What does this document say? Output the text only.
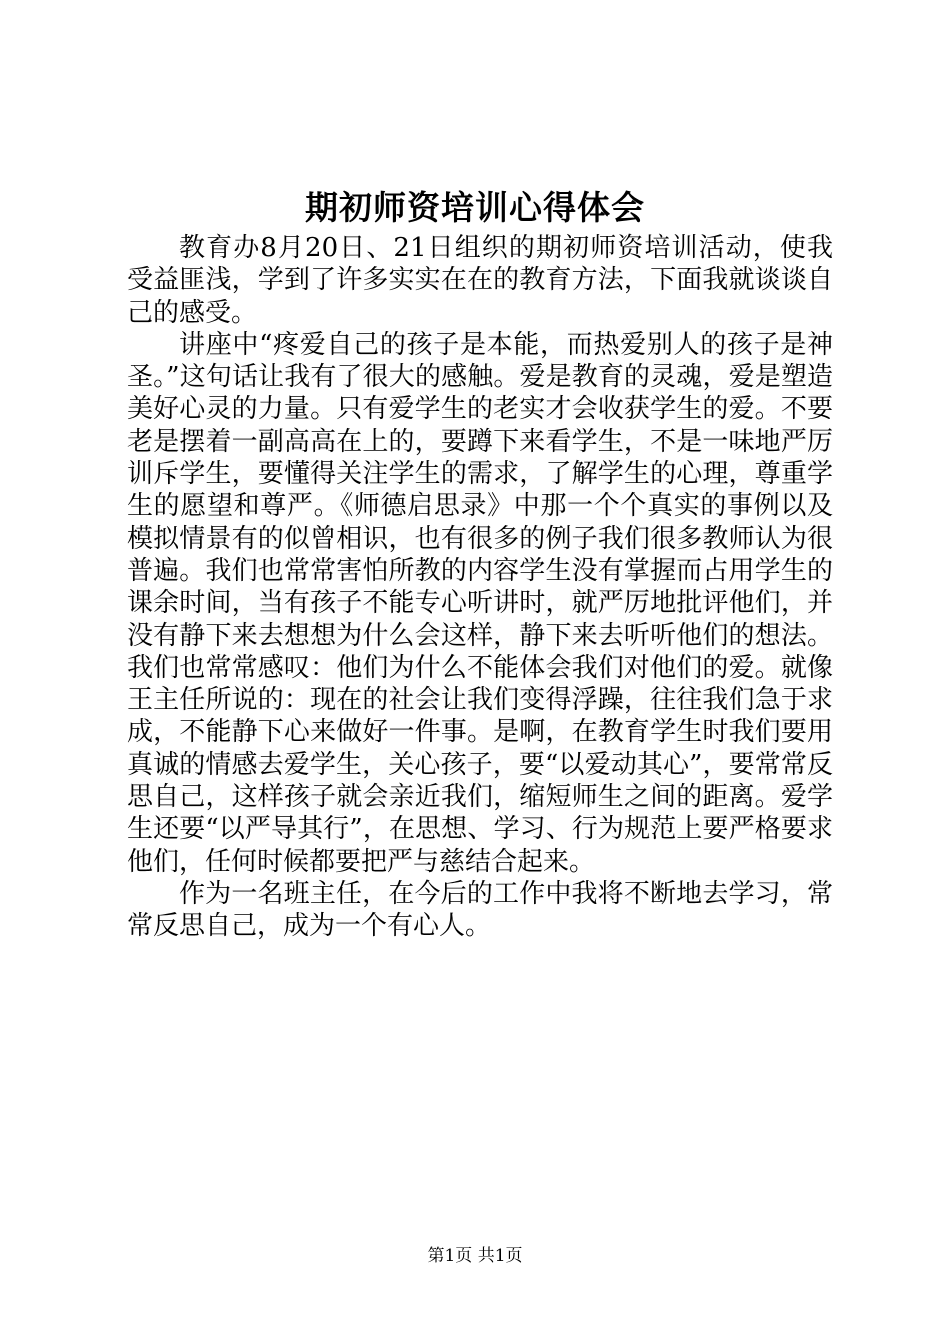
期初师资培训心得体会

教育办8月20日、21日组织的期初师资培训活动，使我受益匪浅，学到了许多实实在在的教育方法，下面我就谈谈自己的感受。

讲座中“疼爱自己的孩子是本能，而热爱别人的孩子是神圣。”这句话让我有了很大的感触。爱是教育的灵魂，爱是塑造美好心灵的力量。只有爱学生的老实才会收获学生的爱。不要老是摆着一副高高在上的，要蹲下来看学生，不是一味地严厉训斥学生，要懂得关注学生的需求，了解学生的心理，尊重学生的愿望和尊严。《师德启思录》中那一个个真实的事例以及模拟情景有的似曾相识，也有很多的例子我们很多教师认为很普遍。我们也常常害怕所教的内容学生没有掌握而占用学生的课余时间，当有孩子不能专心听讲时，就严厉地批评他们，并没有静下来去想想为什么会这样，静下来去听听他们的想法。我们也常常感叹：他们为什么不能体会我们对他们的爱。就像王主任所说的：现在的社会让我们变得浮躁，往往我们急于求成，不能静下心来做好一件事。是啊，在教育学生时我们要用真诚的情感去爱学生，关心孩子，要“以爱动其心”，要常常反思自己，这样孩子就会亲近我们，缩短师生之间的距离。爱学生还要“以严导其行”，在思想、学习、行为规范上要严格要求他们，任何时候都要把严与慈结合起来。

作为一名班主任，在今后的工作中我将不断地去学习，常常反思自己，成为一个有心人。

第1页 共1页
